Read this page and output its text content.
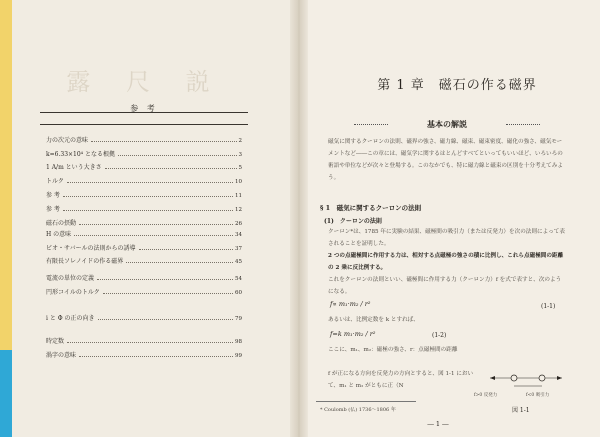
露 尺 説
参 考
力の次元の意味	2
k=6.33×10⁴ となる根拠	3
1 A/m という大きさ	5
トルク	10
参 考	11
参 考	12
磁石の摂動	26
H の意味	34
ビオ・サバールの法則からの誘導	37
有限長ソレノイドの作る磁界	45
電流の単位の定義	54
円形コイルのトルク	60
i と Φ の正の向き	79
時定数	98
渦字の意味	99
第 1 章　磁石の作る磁界
基本の解説
磁気に関するクーロンの法則、磁界の強さ、磁力線、磁束、磁束密度、磁化の強さ、磁気モーメントなど――この章には、磁気学に関するはとんどすべてといってもいいほど、いろいろの術語や単位などが次々と登場する。このなかでも、特に磁力線と磁束の区別を十分考えてみよう。
§ 1　磁気に関するクーロンの法則
(1)　クーロンの法則
クーロン*は、1785 年に実験の結果、磁極間の吸引力（または反発力）を次の法則によって表されることを証明した。
2 つの点磁極間に作用する力は、相対する点磁極の強さの積に比例し、これら点磁極間の距離の 2 乗に反比例する。
これをクーロンの法則といい、磁極間に作用する力（クーロン力）f を式で表すと、次のようになる。
f∝ m₁·m₂ / r²	(1-1)
あるいは、比例定数を k とすれば、
f=k m₁·m₂ / r²	(1-2)
ここに、m₁、m₂：磁極の強さ、r：点磁極間の距離
f が正になる方向を反発力の方向とすると、図 1-1 において、m₁ と m₂ がともに正（N
f>0 反発力	f<0 吸引力
図 1-1
* Coulomb (仏) 1736〜1806 年
― 1 ―
